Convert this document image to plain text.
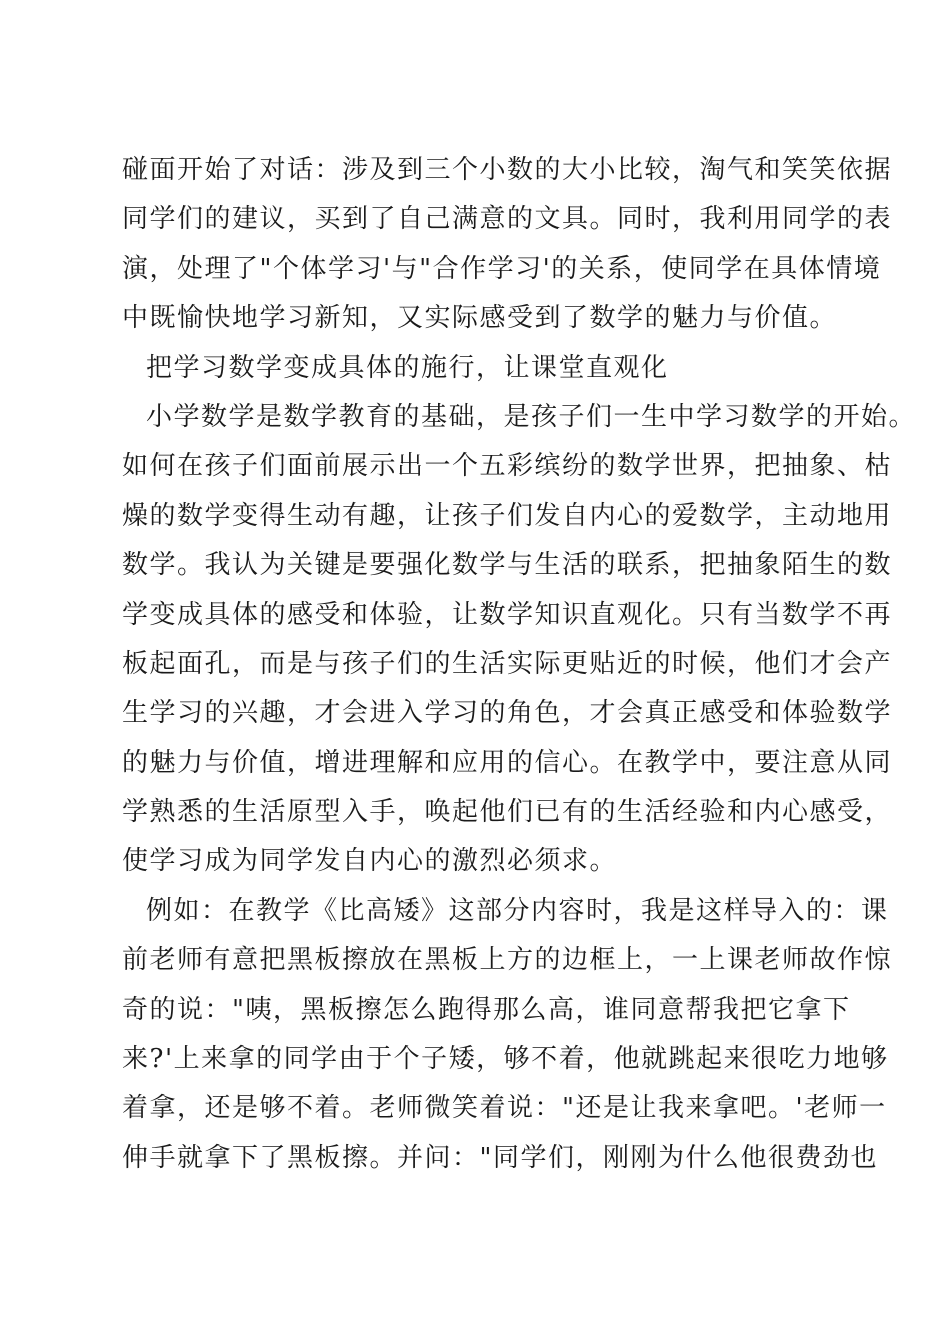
碰面开始了对话：涉及到三个小数的大小比较，淘气和笑笑依据
同学们的建议，买到了自己满意的文具。同时，我利用同学的表
演，处理了"个体学习'与"合作学习'的关系，使同学在具体情境
中既愉快地学习新知，又实际感受到了数学的魅力与价值。
把学习数学变成具体的施行，让课堂直观化
小学数学是数学教育的基础，是孩子们一生中学习数学的开始。
如何在孩子们面前展示出一个五彩缤纷的数学世界，把抽象、枯
燥的数学变得生动有趣，让孩子们发自内心的爱数学，主动地用
数学。我认为关键是要强化数学与生活的联系，把抽象陌生的数
学变成具体的感受和体验，让数学知识直观化。只有当数学不再
板起面孔，而是与孩子们的生活实际更贴近的时候，他们才会产
生学习的兴趣，才会进入学习的角色，才会真正感受和体验数学
的魅力与价值，增进理解和应用的信心。在教学中，要注意从同
学熟悉的生活原型入手，唤起他们已有的生活经验和内心感受，
使学习成为同学发自内心的激烈必须求。
例如：在教学《比高矮》这部分内容时，我是这样导入的：课
前老师有意把黑板擦放在黑板上方的边框上，一上课老师故作惊
奇的说："咦，黑板擦怎么跑得那么高，谁同意帮我把它拿下
来?'上来拿的同学由于个子矮，够不着，他就跳起来很吃力地够
着拿，还是够不着。老师微笑着说："还是让我来拿吧。'老师一
伸手就拿下了黑板擦。并问："同学们，刚刚为什么他很费劲也
